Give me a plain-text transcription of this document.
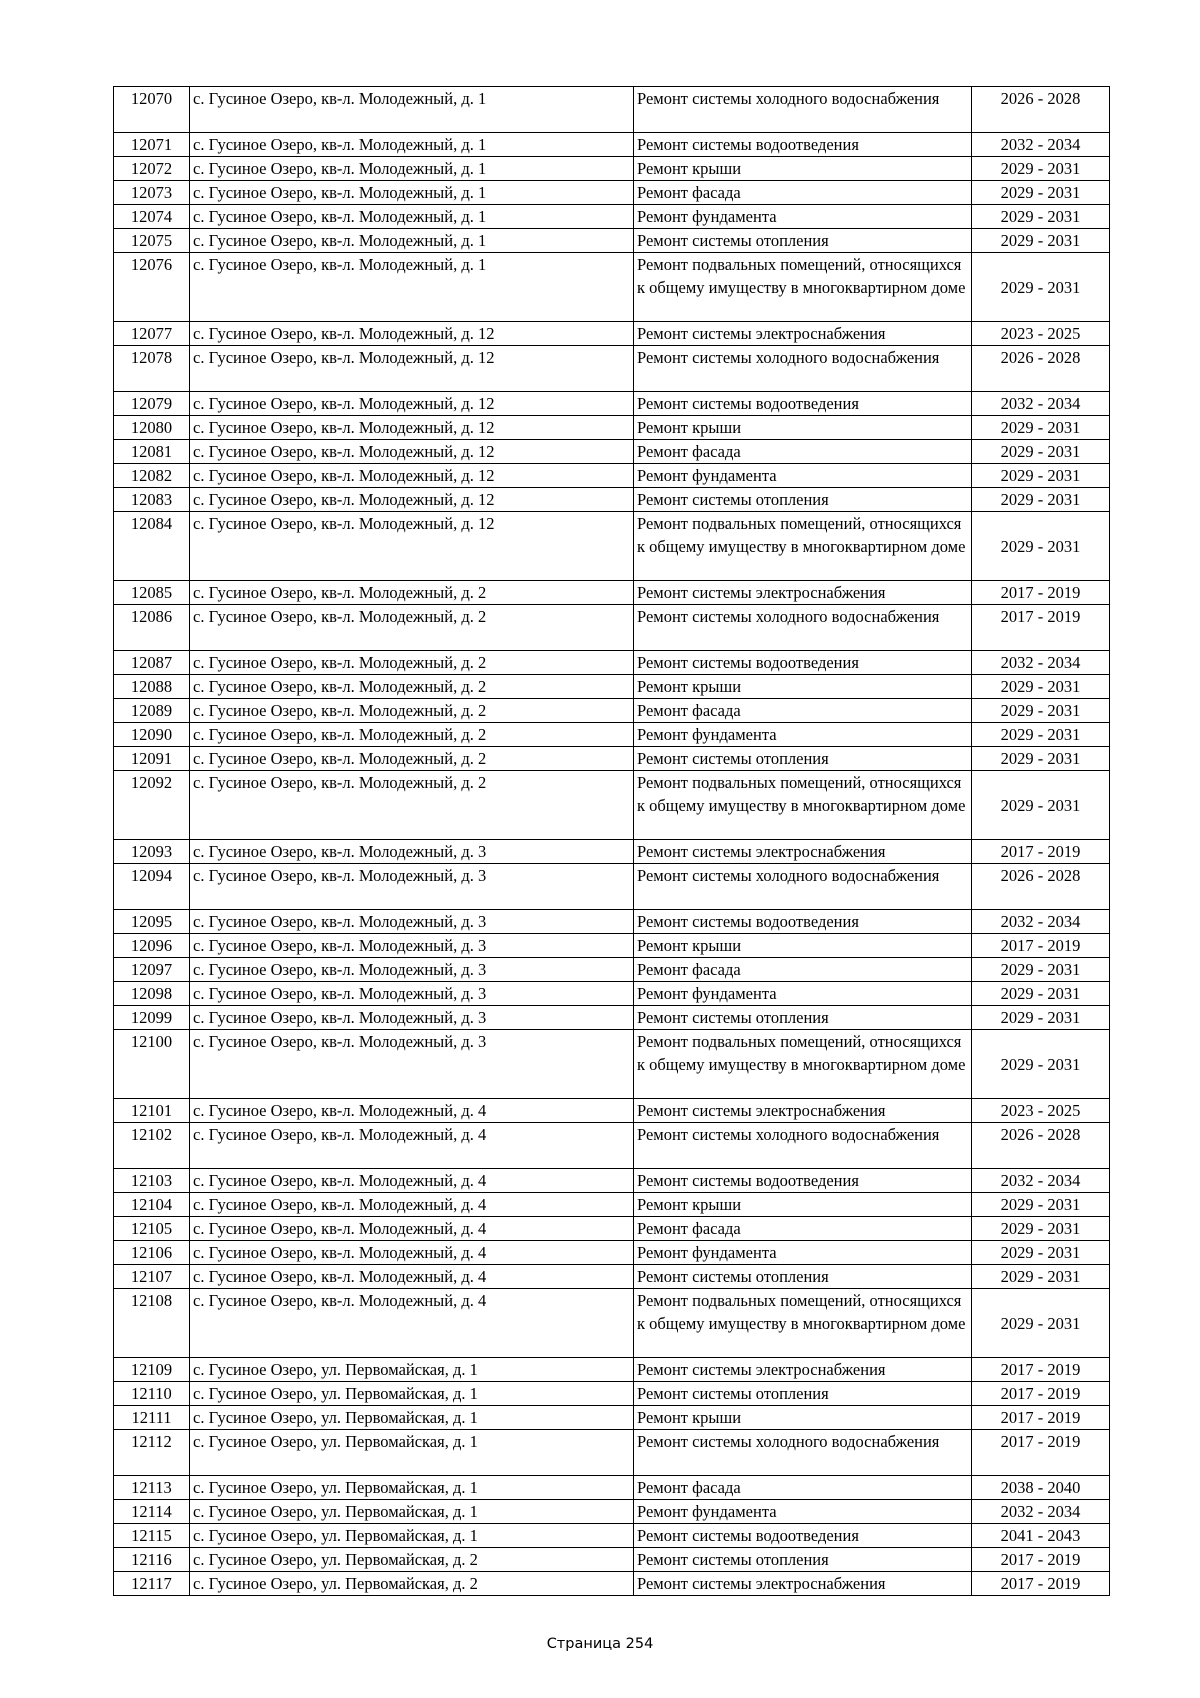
12070	с. Гусиное Озеро, кв-л. Молодежный, д. 1	Ремонт системы холодного водоснабжения	2026 - 2028
12071	с. Гусиное Озеро, кв-л. Молодежный, д. 1	Ремонт системы водоотведения	2032 - 2034
12072	с. Гусиное Озеро, кв-л. Молодежный, д. 1	Ремонт крыши	2029 - 2031
12073	с. Гусиное Озеро, кв-л. Молодежный, д. 1	Ремонт фасада	2029 - 2031
12074	с. Гусиное Озеро, кв-л. Молодежный, д. 1	Ремонт фундамента	2029 - 2031
12075	с. Гусиное Озеро, кв-л. Молодежный, д. 1	Ремонт системы отопления	2029 - 2031
12076	с. Гусиное Озеро, кв-л. Молодежный, д. 1	Ремонт подвальных помещений, относящихся к общему имуществу в многоквартирном доме	2029 - 2031
12077	с. Гусиное Озеро, кв-л. Молодежный, д. 12	Ремонт системы электроснабжения	2023 - 2025
12078	с. Гусиное Озеро, кв-л. Молодежный, д. 12	Ремонт системы холодного водоснабжения	2026 - 2028
12079	с. Гусиное Озеро, кв-л. Молодежный, д. 12	Ремонт системы водоотведения	2032 - 2034
12080	с. Гусиное Озеро, кв-л. Молодежный, д. 12	Ремонт крыши	2029 - 2031
12081	с. Гусиное Озеро, кв-л. Молодежный, д. 12	Ремонт фасада	2029 - 2031
12082	с. Гусиное Озеро, кв-л. Молодежный, д. 12	Ремонт фундамента	2029 - 2031
12083	с. Гусиное Озеро, кв-л. Молодежный, д. 12	Ремонт системы отопления	2029 - 2031
12084	с. Гусиное Озеро, кв-л. Молодежный, д. 12	Ремонт подвальных помещений, относящихся к общему имуществу в многоквартирном доме	2029 - 2031
12085	с. Гусиное Озеро, кв-л. Молодежный, д. 2	Ремонт системы электроснабжения	2017 - 2019
12086	с. Гусиное Озеро, кв-л. Молодежный, д. 2	Ремонт системы холодного водоснабжения	2017 - 2019
12087	с. Гусиное Озеро, кв-л. Молодежный, д. 2	Ремонт системы водоотведения	2032 - 2034
12088	с. Гусиное Озеро, кв-л. Молодежный, д. 2	Ремонт крыши	2029 - 2031
12089	с. Гусиное Озеро, кв-л. Молодежный, д. 2	Ремонт фасада	2029 - 2031
12090	с. Гусиное Озеро, кв-л. Молодежный, д. 2	Ремонт фундамента	2029 - 2031
12091	с. Гусиное Озеро, кв-л. Молодежный, д. 2	Ремонт системы отопления	2029 - 2031
12092	с. Гусиное Озеро, кв-л. Молодежный, д. 2	Ремонт подвальных помещений, относящихся к общему имуществу в многоквартирном доме	2029 - 2031
12093	с. Гусиное Озеро, кв-л. Молодежный, д. 3	Ремонт системы электроснабжения	2017 - 2019
12094	с. Гусиное Озеро, кв-л. Молодежный, д. 3	Ремонт системы холодного водоснабжения	2026 - 2028
12095	с. Гусиное Озеро, кв-л. Молодежный, д. 3	Ремонт системы водоотведения	2032 - 2034
12096	с. Гусиное Озеро, кв-л. Молодежный, д. 3	Ремонт крыши	2017 - 2019
12097	с. Гусиное Озеро, кв-л. Молодежный, д. 3	Ремонт фасада	2029 - 2031
12098	с. Гусиное Озеро, кв-л. Молодежный, д. 3	Ремонт фундамента	2029 - 2031
12099	с. Гусиное Озеро, кв-л. Молодежный, д. 3	Ремонт системы отопления	2029 - 2031
12100	с. Гусиное Озеро, кв-л. Молодежный, д. 3	Ремонт подвальных помещений, относящихся к общему имуществу в многоквартирном доме	2029 - 2031
12101	с. Гусиное Озеро, кв-л. Молодежный, д. 4	Ремонт системы электроснабжения	2023 - 2025
12102	с. Гусиное Озеро, кв-л. Молодежный, д. 4	Ремонт системы холодного водоснабжения	2026 - 2028
12103	с. Гусиное Озеро, кв-л. Молодежный, д. 4	Ремонт системы водоотведения	2032 - 2034
12104	с. Гусиное Озеро, кв-л. Молодежный, д. 4	Ремонт крыши	2029 - 2031
12105	с. Гусиное Озеро, кв-л. Молодежный, д. 4	Ремонт фасада	2029 - 2031
12106	с. Гусиное Озеро, кв-л. Молодежный, д. 4	Ремонт фундамента	2029 - 2031
12107	с. Гусиное Озеро, кв-л. Молодежный, д. 4	Ремонт системы отопления	2029 - 2031
12108	с. Гусиное Озеро, кв-л. Молодежный, д. 4	Ремонт подвальных помещений, относящихся к общему имуществу в многоквартирном доме	2029 - 2031
12109	с. Гусиное Озеро, ул. Первомайская, д. 1	Ремонт системы электроснабжения	2017 - 2019
12110	с. Гусиное Озеро, ул. Первомайская, д. 1	Ремонт системы отопления	2017 - 2019
12111	с. Гусиное Озеро, ул. Первомайская, д. 1	Ремонт крыши	2017 - 2019
12112	с. Гусиное Озеро, ул. Первомайская, д. 1	Ремонт системы холодного водоснабжения	2017 - 2019
12113	с. Гусиное Озеро, ул. Первомайская, д. 1	Ремонт фасада	2038 - 2040
12114	с. Гусиное Озеро, ул. Первомайская, д. 1	Ремонт фундамента	2032 - 2034
12115	с. Гусиное Озеро, ул. Первомайская, д. 1	Ремонт системы водоотведения	2041 - 2043
12116	с. Гусиное Озеро, ул. Первомайская, д. 2	Ремонт системы отопления	2017 - 2019
12117	с. Гусиное Озеро, ул. Первомайская, д. 2	Ремонт системы электроснабжения	2017 - 2019
Страница 254
